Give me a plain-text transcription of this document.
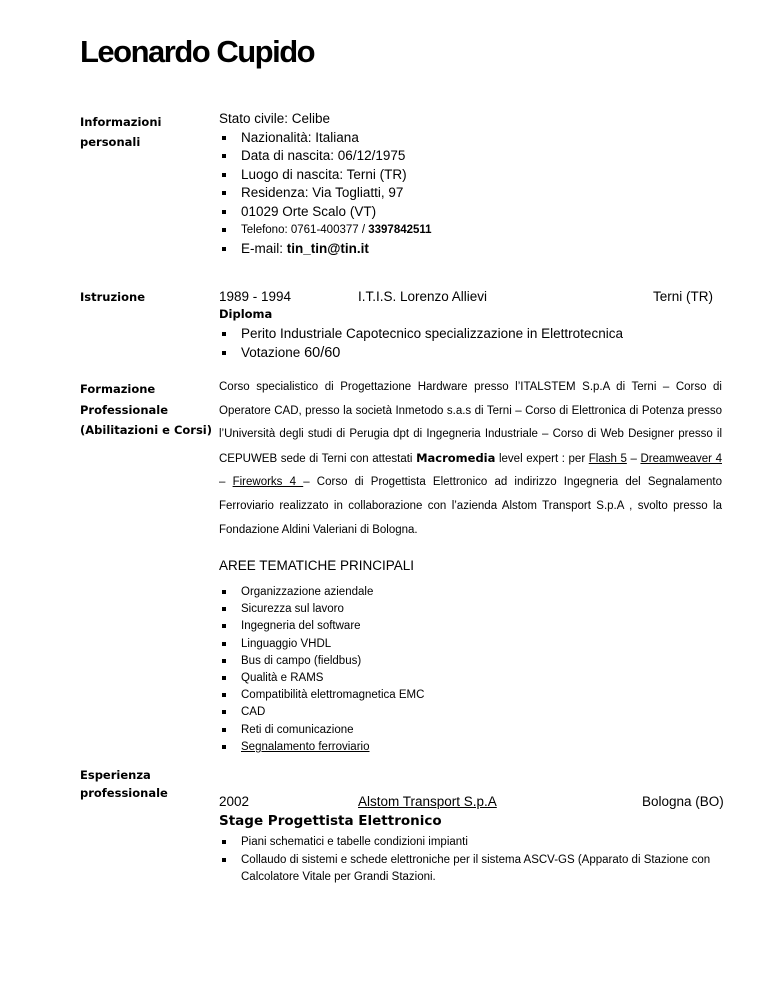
Leonardo Cupido
Informazioni
personali
Stato civile: Celibe
Nazionalità: Italiana
Data di nascita: 06/12/1975
Luogo di nascita: Terni (TR)
Residenza: Via Togliatti, 97
01029 Orte Scalo (VT)
Telefono: 0761-400377 / 3397842511
E-mail: tin_tin@tin.it
Istruzione	1989 - 1994	I.T.I.S. Lorenzo Allievi	Terni (TR)
Diploma
Perito Industriale Capotecnico specializzazione in Elettrotecnica
Votazione 60/60
Formazione
Professionale
(Abilitazioni e Corsi)
Corso specialistico di Progettazione Hardware presso l’ITALSTEM S.p.A di Terni – Corso di Operatore CAD, presso la società Inmetodo s.a.s di Terni – Corso di Elettronica di Potenza presso l’Università degli studi di Perugia dpt di Ingegneria Industriale – Corso di Web Designer presso il CEPUWEB sede di Terni con attestati Macromedia level expert : per Flash 5 – Dreamweaver 4 – Fireworks 4 – Corso di Progettista Elettronico ad indirizzo Ingegneria del Segnalamento Ferroviario realizzato in collaborazione con l’azienda Alstom Transport S.p.A , svolto presso la Fondazione Aldini Valeriani di Bologna.
AREE TEMATICHE PRINCIPALI
Organizzazione aziendale
Sicurezza sul lavoro
Ingegneria del software
Linguaggio VHDL
Bus di campo (fieldbus)
Qualità e RAMS
Compatibilità elettromagnetica EMC
CAD
Reti di comunicazione
Segnalamento ferroviario
Esperienza
professionale
2002	Alstom Transport S.p.A	Bologna (BO)
Stage Progettista Elettronico
Piani schematici e tabelle condizioni impianti
Collaudo di sistemi e schede elettroniche per il sistema ASCV-GS (Apparato di Stazione con Calcolatore Vitale per Grandi Stazioni.
